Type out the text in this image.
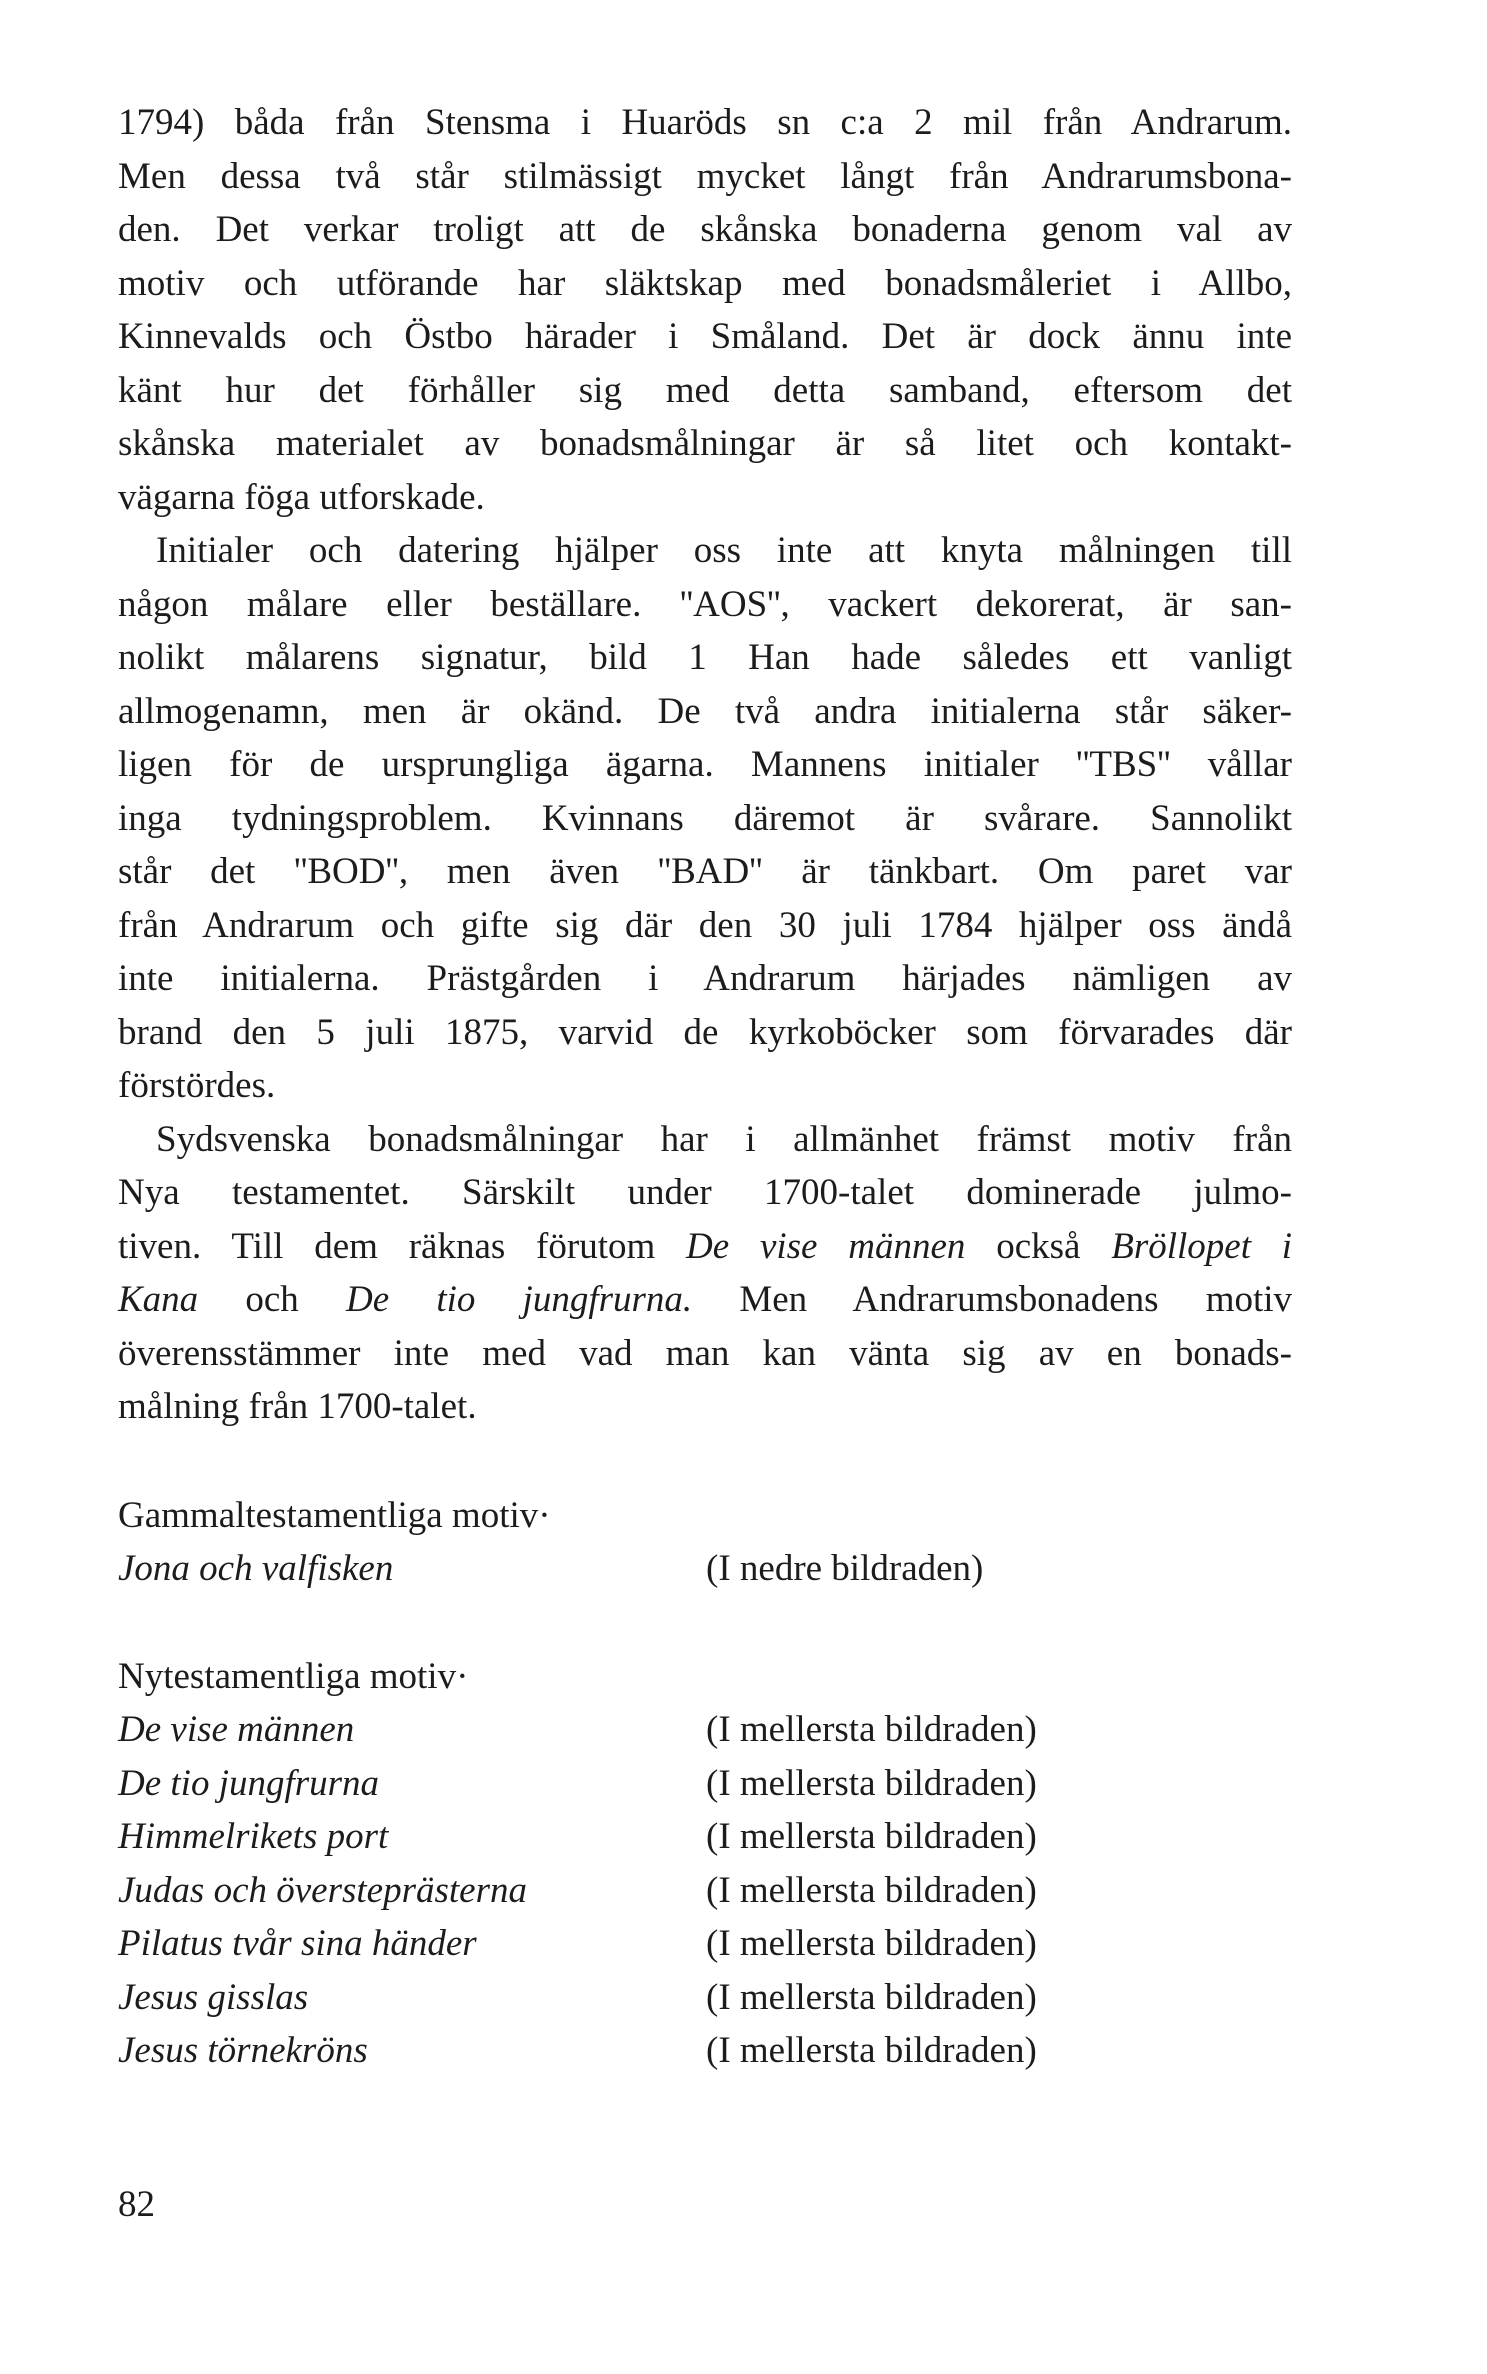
1794) båda från Stensma i Huaröds sn c:a 2 mil från Andrarum.
Men dessa två står stilmässigt mycket långt från Andrarumsbona-
den. Det verkar troligt att de skånska bonaderna genom val av
motiv och utförande har släktskap med bonadsmåleriet i Allbo,
Kinnevalds och Östbo härader i Småland. Det är dock ännu inte
känt hur det förhåller sig med detta samband, eftersom det
skånska materialet av bonadsmålningar är så litet och kontakt-
vägarna föga utforskade.

Initialer och datering hjälper oss inte att knyta målningen till
någon målare eller beställare. ''AOS'', vackert dekorerat, är san-
nolikt målarens signatur, bild 1 Han hade således ett vanligt
allmogenamn, men är okänd. De två andra initialerna står säker-
ligen för de ursprungliga ägarna. Mannens initialer ''TBS'' vållar
inga tydningsproblem. Kvinnans däremot är svårare. Sannolikt
står det ''BOD'', men även ''BAD'' är tänkbart. Om paret var
från Andrarum och gifte sig där den 30 juli 1784 hjälper oss ändå
inte initialerna. Prästgården i Andrarum härjades nämligen av
brand den 5 juli 1875, varvid de kyrkoböcker som förvarades där
förstördes.

Sydsvenska bonadsmålningar har i allmänhet främst motiv från
Nya testamentet. Särskilt under 1700-talet dominerade julmo-
tiven. Till dem räknas förutom De vise männen också Bröllopet i
Kana och De tio jungfrurna. Men Andrarumsbonadens motiv
överensstämmer inte med vad man kan vänta sig av en bonads-
målning från 1700-talet.

Gammaltestamentliga motiv·
Jona och valfisken	(I nedre bildraden)
Nytestamentliga motiv·
De vise männen	(I mellersta bildraden)
De tio jungfrurna	(I mellersta bildraden)
Himmelrikets port	(I mellersta bildraden)
Judas och översteprästerna	(I mellersta bildraden)
Pilatus tvår sina händer	(I mellersta bildraden)
Jesus gisslas	(I mellersta bildraden)
Jesus törnekröns	(I mellersta bildraden)
82
